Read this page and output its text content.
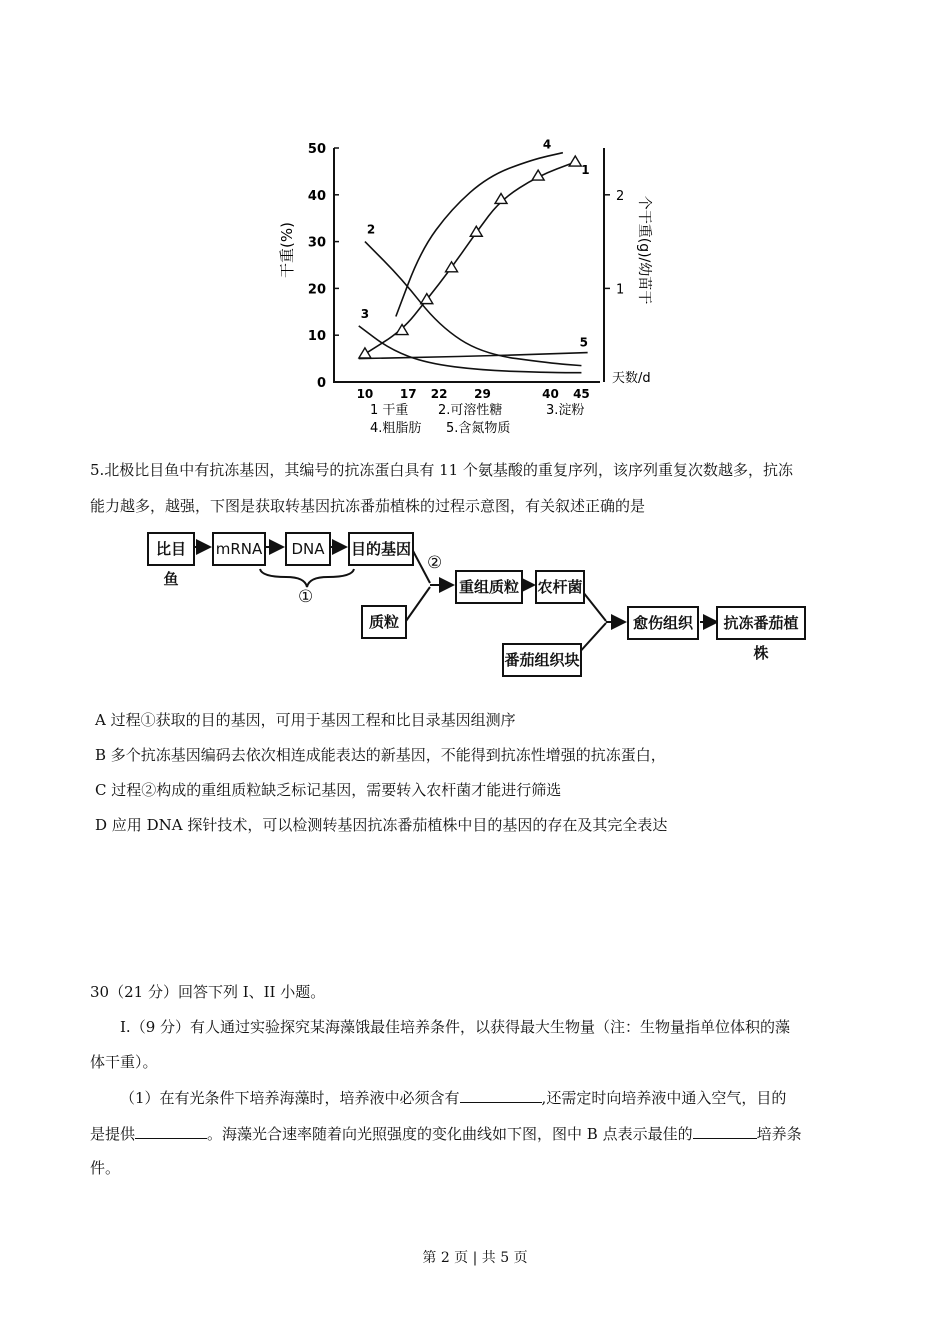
0
10
20
30
40
50
1
2
10 17 22 29	40 45
1
2
3
4
5
干重(%)	个干重(g)/幼苗干
天数/d
1 干重 2.可溶性糖	3.淀粉
4.粗脂肪 5.含氮物质
5.北极比目鱼中有抗冻基因，其编号的抗冻蛋白具有 11 个氨基酸的重复序列，该序列重复次数越多，抗冻
能力越多，越强，下图是获取转基因抗冻番茄植株的过程示意图，有关叙述正确的是
比目鱼
mRNA	DNA	目的基因
①
②
质粒
重组质粒 农杆菌
愈伤组织	抗冻番茄植株
番茄组织块
A 过程①获取的目的基因，可用于基因工程和比目录基因组测序
B 多个抗冻基因编码去依次相连成能表达的新基因，不能得到抗冻性增强的抗冻蛋白，
C 过程②构成的重组质粒缺乏标记基因，需要转入农杆菌才能进行筛选
D 应用 DNA 探针技术，可以检测转基因抗冻番茄植株中目的基因的存在及其完全表达
30（21 分）回答下列 I、II 小题。
I.（9 分）有人通过实验探究某海藻饿最佳培养条件，以获得最大生物量（注：生物量指单位体积的藻
体干重）。
（1）在有光条件下培养海藻时，培养液中必须含有	,还需定时向培养液中通入空气，目的
是提供	。海藻光合速率随着向光照强度的变化曲线如下图，图中 B 点表示最佳的	培养条
件。
第 2 页 | 共 5 页
